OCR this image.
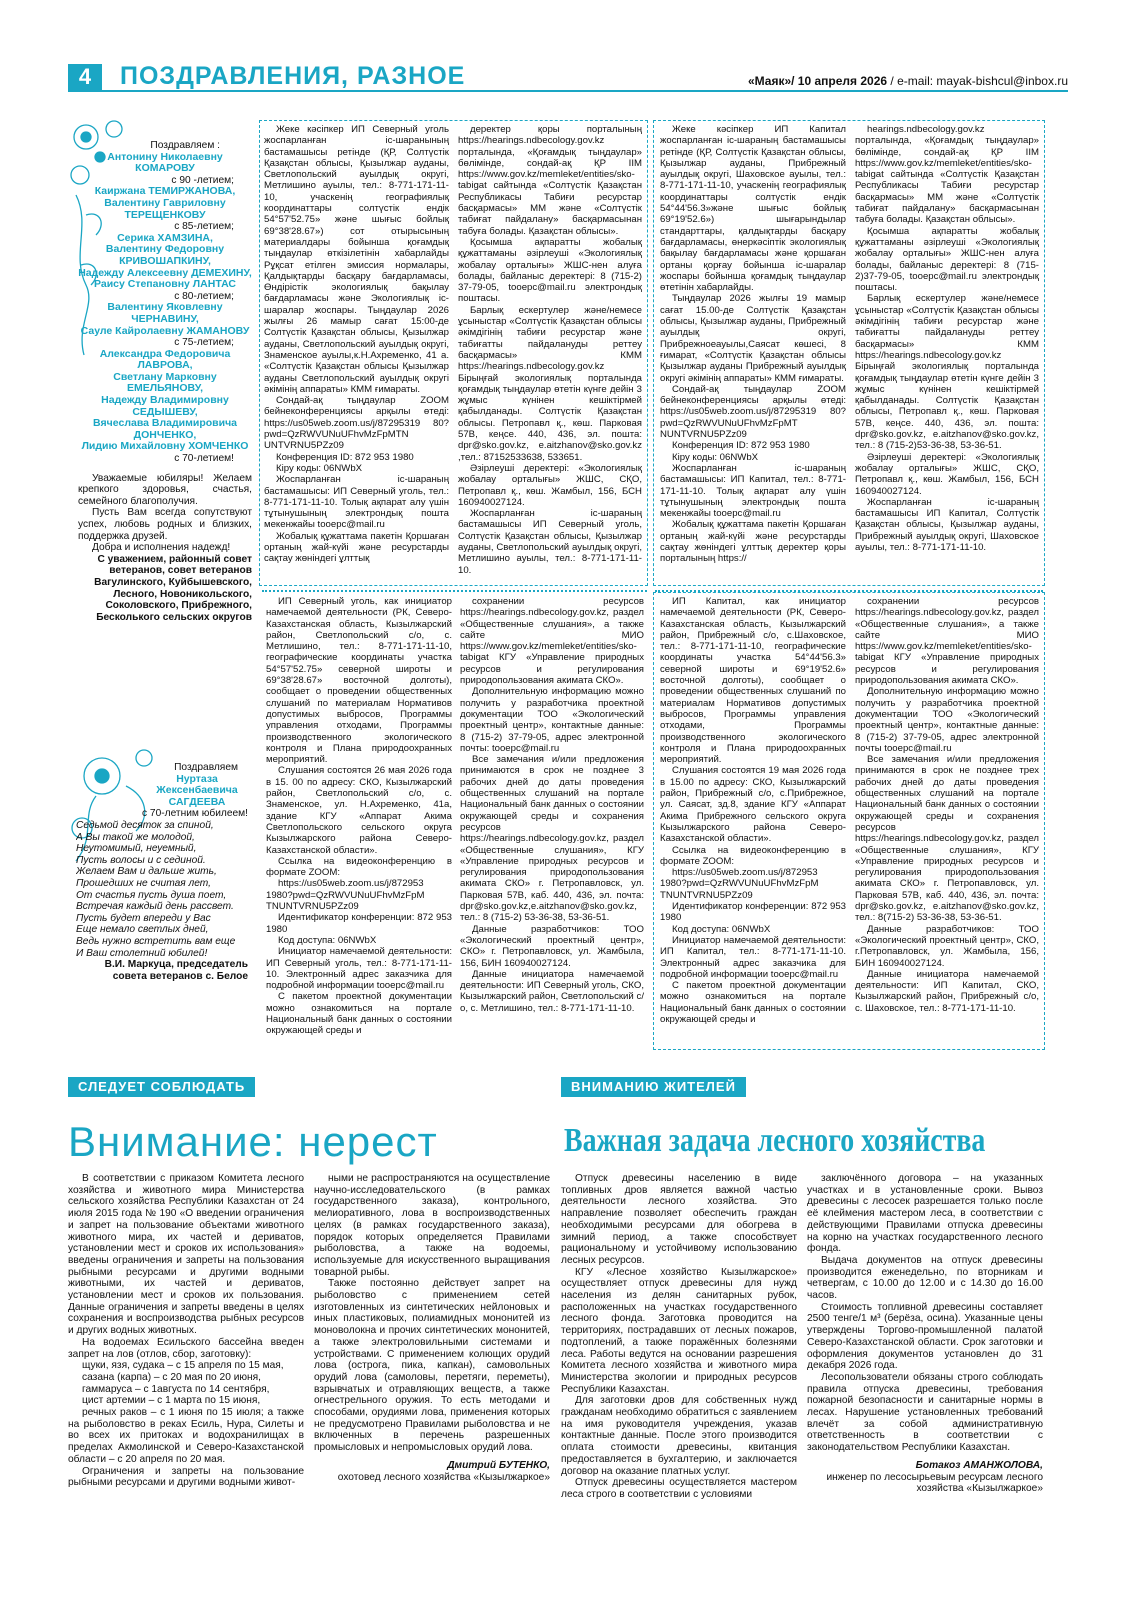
4	ПОЗДРАВЛЕНИЯ, РАЗНОЕ	«Маяк»/ 10 апреля 2026 / e-mail: mayak-bishcul@inbox.ru

Поздравляем :

Антонину Николаевну КОМАРОВУ

с 90 -летием;

Каиржана ТЕМИРЖАНОВА,

Валентину Гавриловну ТЕРЕЩЕНКОВУ

с 85-летием;

Серика ХАМЗИНА,

Валентину Федоровну КРИВОШАПКИНУ,

Надежду Алексеевну ДЕМЕХИНУ,

Раису Степановну ЛАНТАС

с 80-летием;

Валентину Яковлевну ЧЕРНАВИНУ,

Сауле Кайролаевну ЖАМАНОВУ

с 75-летием;

Александра Федоровича ЛАВРОВА,

Светлану Марковну ЕМЕЛЬЯНОВУ,

Надежду Владимировну СЕДЫШЕВУ,

Вячеслава Владимировича ДОНЧЕНКО,

Лидию Михайловну ХОМЧЕНКО

с 70-летием!

Уважаемые юбиляры! Желаем крепкого здоровья, счастья, семейного благополучия.

Пусть Вам всегда сопутствуют успех, любовь родных и близких, поддержка друзей.

Добра и исполнения надежд!

С уважением, районный совет ветеранов, совет ветеранов Вагулинского, Куйбышевского, Лесного, Новоникольского, Соколовского, Прибрежного, Бесколького сельских округов

Поздравляем

Нуртаза Жексенбаевича САГДЕЕВА

с 70-летним юбилеем!

Седьмой десяток за спиной,

А Вы такой же молодой,

Неутомимый, неуемный,

Пусть волосы и с сединой.

Желаем Вам и дальше жить,

Прошедших не считая лет,

От счастья пусть душа поет,

Встречая каждый день рассвет.

Пусть будет впереди у Вас

Еще немало светлых дней,

Ведь нужно встретить вам еще

И Ваш столетний юбилей!

В.И. Маркуца, председатель совета ветеранов с. Белое

Жеке кәсіпкер ИП Северный уголь жоспарланған іс-шаранының бастамашысы ретінде (ҚР, Солтүстік Қазақстан облысы, Қызылжар ауданы, Светлопольский ауылдық округі, Метлишино ауылы, тел.: 8-771-171-11-10, учаскенің географиялық координаттары солтүстік ендік 54°57'52.75» және шығыс бойлық 69°38'28.67») сот отырысының материалдары бойынша қоғамдық тыңдаулар өткізілетінін хабарлайды Рұқсат етілген эмиссия нормалары, Қалдықтарды басқару бағдарламасы, Өндірістік экологиялық бақылау бағдарламасы және Экологиялық іс-шаралар жоспары. Тыңдаулар 2026 жылғы 26 мамыр сағат 15:00-де Солтүстік Қазақстан облысы, Қызылжар ауданы, Светлопольский ауылдық округі, Знаменское ауылы,к.Н.Ахременко, 41 а. «Солтүстік Қазақстан облысы Қызылжар ауданы Светлопольский ауылдық округі әкімінің аппараты» КММ ғимараты.

Сондай-ақ тыңдаулар ZOOM бейнеконференциясы арқылы өтеді: https://us05web.zoom.us/j/87295319 80?pwd=QzRWVUNuUFhvMzFpMTN UNTVRNU5PZz09

Конференция ID: 872 953 1980

Кіру коды: 06NWbX

Жоспарланған іс-шараның бастамашысы: ИП Северный уголь, тел.: 8-771-171-11-10. Толық ақпарат алу үшін тұтынушының электрондық пошта мекенжайы tooepc@mail.ru

Жобалық құжаттама пакетін Қоршаған ортаның жай-күйі және ресурстарды сақтау жөніндегі ұлттық

деректер қоры порталының https://hearings.ndbecology.gov.kz порталында, «Қоғамдық тыңдаулар» бөлімінде, сондай-ақ ҚР IIM https://www.gov.kz/memleket/entities/sko-tabigat сайтында «Солтүстік Қазақстан Республикасы Табиғи ресурстар басқармасы» ММ және «Солтүстік табиғат пайдалану» басқармасынан табуға болады. Қазақстан облысы».

Қосымша ақпаратты жобалық құжаттаманы әзірлеуші «Экологиялық жобалау орталығы» ЖШС-нен алуға болады, байланыс деректері: 8 (715-2) 37-79-05, tooepc@mail.ru электрондық поштасы.

Барлық ескертулер және/немесе ұсыныстар «Солтүстік Қазақстан облысы әкімдігінің табиғи ресурстар және табиғатты пайдалануды реттеу басқармасы» КММ https://hearings.ndbecology.gov.kz Бірыңғай экологиялық порталында қоғамдық тыңдаулар өтетін күнге дейін 3 жұмыс күнінен кешіктірмей қабылданады. Солтүстік Қазақстан облысы. Петропавл қ., көш. Парковая 57В, кеңсе. 440, 436, эл. пошта: dpr@sko.gov.kz, e.aitzhanov@sko.gov.kz ,тел.: 87152533638, 533651.

Әзірлеуші деректері: «Экологиялық жобалау орталығы» ЖШС, СҚО, Петропавл қ., көш. Жамбыл, 156, БСН 160940027124.

Жоспарланған іс-шараның бастамашысы ИП Северный уголь, Солтүстік Қазақстан облысы, Қызылжар ауданы, Светлопольский ауылдық округі, Метлишино ауылы, тел.: 8-771-171-11-10.

Жеке кәсіпкер ИП Капитал жоспарланған іс-шараның бастамашысы ретінде (ҚР, Солтүстік Қазақстан облысы, Қызылжар ауданы, Прибрежный ауылдық округі, Шаховское ауылы, тел.: 8-771-171-11-10, учаскенің географиялық координаттары солтүстік ендік 54°44'56.3»және шығыс бойлық 69°19'52.6») шығарындылар стандарттары, қалдықтарды басқару бағдарламасы, өнеркәсіптік экологиялық бақылау бағдарламасы және қоршаған ортаны қорғау бойынша іс-шаралар жоспары бойынша қоғамдық тыңдаулар өтетінін хабарлайды.

Тыңдаулар 2026 жылғы 19 мамыр сағат 15.00-де Солтүстік Қазақстан облысы, Қызылжар ауданы, Прибрежный ауылдық округі, Прибрежноеауылы,Саясат көшесі, 8 ғимарат, «Солтүстік Қазақстан облысы Қызылжар ауданы Прибрежный ауылдық округі әкімінің аппараты» КММ ғимараты.

Сондай-ақ тыңдаулар ZOOM бейнеконференциясы арқылы өтеді: https://us05web.zoom.us/j/87295319 80?pwd=QzRWVUNuUFhvMzFpMT NUNTVRNU5PZz09

Конференция ID: 872 953 1980

Кіру коды: 06NWbX

Жоспарланған іс-шараның бастамашысы: ИП Капитал, тел.: 8-771-171-11-10. Толық ақпарат алу үшін тұтынушының электрондық пошта мекенжайы tooepc@mail.ru

Жобалық құжаттама пакетін Қоршаған ортаның жай-күйі және ресурстарды сақтау жөніндегі ұлттық деректер қоры порталының https://

hearings.ndbecology.gov.kz порталында, «Қоғамдық тыңдаулар» бөлімінде, сондай-ақ ҚР IIM https://www.gov.kz/memleket/entities/sko-tabigat сайтында «Солтүстік Қазақстан Республикасы Табиғи ресурстар басқармасы» ММ және «Солтүстік табиғат пайдалану» басқармасынан табуға болады. Қазақстан облысы».

Қосымша ақпаратты жобалық құжаттаманы әзірлеуші «Экологиялық жобалау орталығы» ЖШС-нен алуға болады, байланыс деректері: 8 (715-2)37-79-05, tooepc@mail.ru электрондық поштасы.

Барлық ескертулер және/немесе ұсыныстар «Солтүстік Қазақстан облысы әкімдігінің табиғи ресурстар және табиғатты пайдалануды реттеу басқармасы» КММ https://hearings.ndbecology.gov.kz Бірыңғай экологиялық порталында қоғамдық тыңдаулар өтетін күнге дейін 3 жұмыс күнінен кешіктірмей қабылданады. Солтүстік Қазақстан облысы, Петропавл қ., көш. Парковая 57В, кеңсе. 440, 436, эл. пошта: dpr@sko.gov.kz, e.aitzhanov@sko.gov.kz, тел.: 8 (715-2)53-36-38, 53-36-51.

Әзірлеуші деректері: «Экологиялық жобалау орталығы» ЖШС, СҚО, Петропавл қ., көш. Жамбыл, 156, БСН 160940027124.

Жоспарланған іс-шараның бастамашысы ИП Капитал, Солтүстік Қазақстан облысы, Қызылжар ауданы, Прибрежный ауылдық округі, Шаховское ауылы, тел.: 8-771-171-11-10.

ИП Северный уголь, как инициатор намечаемой деятельности (РК, Северо-Казахстанская область, Кызылжарский район, Светлопольский с/о, с. Метлишино, тел.: 8-771-171-11-10, географические координаты участка 54°57'52.75» северной широты и 69°38'28.67» восточной долготы), сообщает о проведении общественных слушаний по материалам Нормативов допустимых выбросов, Программы управления отходами, Программы производственного экологического контроля и Плана природоохранных мероприятий.

Слушания состоятся 26 мая 2026 года в 15. 00 по адресу: СКО, Кызылжарский район, Светлопольский с/о, с. Знаменское, ул. Н.Ахременко, 41а, здание КГУ «Аппарат Акима Светлопольского сельского округа Кызылжарского района Северо-Казахстанской области».

Ссылка на видеоконференцию в формате ZOOM:

https://us05web.zoom.us/j/872953 1980?pwd=QzRWVUNuUFhvMzFpM TNUNTVRNU5PZz09

Идентификатор конференции: 872 953 1980

Код доступа: 06NWbX

Инициатор намечаемой деятельности: ИП Северный уголь, тел.: 8-771-171-11-10. Электронный адрес заказчика для подробной информации tooepc@mail.ru

С пакетом проектной документации можно ознакомиться на портале Национальный банк данных о состоянии окружающей среды и

сохранении ресурсов https://hearings.ndbecology.gov.kz, раздел «Общественные слушания», а также сайте МИО https://www.gov.kz/memleket/entities/sko-tabigat КГУ «Управление природных ресурсов и регулирования природопользования акимата СКО».

Дополнительную информацию можно получить у разработчика проектной документации ТОО «Экологический проектный центр», контактные данные: 8 (715-2) 37-79-05, адрес электронной почты: tooepc@mail.ru

Все замечания и/или предложения принимаются в срок не позднее 3 рабочих дней до даты проведения общественных слушаний на портале Национальный банк данных о состоянии окружающей среды и сохранения ресурсов https://hearings.ndbecology.gov.kz, раздел «Общественные слушания», КГУ «Управление природных ресурсов и регулирования природопользования акимата СКО» г. Петропавловск, ул. Парковая 57В, каб. 440, 436, эл. почта: dpr@sko.gov.kz,e.aitzhanov@sko.gov.kz, тел.: 8 (715-2) 53-36-38, 53-36-51.

Данные разработчиков: ТОО «Экологический проектный центр», СКО» г. Петропавловск, ул. Жамбыла, 156, БИН 160940027124.

Данные инициатора намечаемой деятельности: ИП Северный уголь, СКО, Кызылжарский район, Светлопольский с/о, с. Метлишино, тел.: 8-771-171-11-10.

ИП Капитал, как инициатор намечаемой деятельности (РК, Северо-Казахстанская область, Кызылжарский район, Прибрежный с/о, с.Шаховское, тел.: 8-771-171-11-10, географические координаты участка 54°44'56.3» северной широты и 69°19'52.6» восточной долготы), сообщает о проведении общественных слушаний по материалам Нормативов допустимых выбросов, Программы управления отходами, Программы производственного экологического контроля и Плана природоохранных мероприятий.

Слушания состоятся 19 мая 2026 года в 15.00 по адресу: СКО, Кызылжарский район, Прибрежный с/о, с.Прибрежное, ул. Саясат, зд.8, здание КГУ «Аппарат Акима Прибрежного сельского округа Кызылжарского района Северо-Казахстанской области».

Ссылка на видеоконференцию в формате ZOOM:

https://us05web.zoom.us/j/872953 1980?pwd=QzRWVUNuUFhvMzFpM TNUNTVRNU5PZz09

Идентификатор конференции: 872 953 1980

Код доступа: 06NWbX

Инициатор намечаемой деятельности: ИП Капитал, тел.: 8-771-171-11-10. Электронный адрес заказчика для подробной информации tooepc@mail.ru

С пакетом проектной документации можно ознакомиться на портале Национальный банк данных о состоянии окружающей среды и

сохранении ресурсов https://hearings.ndbecology.gov.kz, раздел «Общественные слушания», а также сайте МИО https://www.gov.kz/memleket/entities/sko-tabigat КГУ «Управление природных ресурсов и регулирования природопользования акимата СКО».

Дополнительную информацию можно получить у разработчика проектной документации ТОО «Экологический проектный центр», контактные данные: 8 (715-2) 37-79-05, адрес электронной почты tooepc@mail.ru

Все замечания и/или предложения принимаются в срок не позднее трех рабочих дней до даты проведения общественных слушаний на портале Национальный банк данных о состоянии окружающей среды и сохранения ресурсов https://hearings.ndbecology.gov.kz, раздел «Общественные слушания», КГУ «Управление природных ресурсов и регулирования природопользования акимата СКО» г. Петропавловск, ул. Парковая 57В, каб. 440, 436, эл. почта: dpr@sko.gov.kz, e.aitzhanov@sko.gov.kz, тел.: 8(715-2) 53-36-38, 53-36-51.

Данные разработчиков: ТОО «Экологический проектный центр», СКО, г.Петропавловск, ул. Жамбыла, 156, БИН 160940027124.

Данные инициатора намечаемой деятельности: ИП Капитал, СКО, Кызылжарский район, Прибрежный с/о, с. Шаховское, тел.: 8-771-171-11-10.

СЛЕДУЕТ СОБЛЮДАТЬ
Внимание: нерест

В соответствии с приказом Комитета лесного хозяйства и животного мира Министерства сельского хозяйства Республики Казахстан от 24 июля 2015 года № 190 «О введении ограничения и запрет на пользование объектами животного животного мира, их частей и дериватов, установлении мест и сроков их использования» введены ограничения и запреты на пользования рыбными ресурсами и другими водными животными, их частей и дериватов, установлении мест и сроков их пользования. Данные ограничения и запреты введены в целях сохранения и воспроизводства рыбных ресурсов и других водных животных.

На водоемах Есильского бассейна введен запрет на лов (отлов, сбор, заготовку):

щуки, язя, судака – с 15 апреля по 15 мая,

сазана (карпа) – с 20 мая по 20 июня,

гаммаруса – с 1августа по 14 сентября,

цист артемии – с 1 марта по 15 июня,

речных раков – с 1 июня по 15 июля; а также на рыболовство в реках Есиль, Нура, Силеты и во всех их притоках и водохранилищах в пределах Акмолинской и Северо-Казахстанской области – с 20 апреля по 20 мая.

Ограничения и запреты на пользование рыбными ресурсами и другими водными живот-

ными не распространяются на осуществление научно-исследовательского (в рамках государственного заказа), контрольного, мелиоративного, лова в воспроизводственных целях (в рамках государственного заказа), порядок которых определяется Правилами рыболовства, а также на водоемы, используемые для искусственного выращивания товарной рыбы.

Также постоянно действует запрет на рыболовство с применением сетей изготовленных из синтетических нейлоновых и иных пластиковых, полиамидных мононитей из моноволокна и прочих синтетических мононитей, а также электроловильными системами и устройствами. С применением колющих орудий лова (острога, пика, капкан), самовольных орудий лова (самоловы, перетяги, переметы), взрывчатых и отравляющих веществ, а также огнестрельного оружия. То есть методами и способами, орудиями лова, применения которых не предусмотрено Правилами рыболовства и не включенных в перечень разрешенных промысловых и непромысловых орудий лова.

Дмитрий БУТЕНКО,
охотовед лесного хозяйства «Кызылжаркое»
ВНИМАНИЮ ЖИТЕЛЕЙ
Важная задача лесного хозяйства

Отпуск древесины населению в виде топливных дров является важной частью деятельности лесного хозяйства. Это направление позволяет обеспечить граждан необходимыми ресурсами для обогрева в зимний период, а также способствует рациональному и устойчивому использованию лесных ресурсов.

КГУ «Лесное хозяйство Кызылжарское» осуществляет отпуск древесины для нужд населения из делян санитарных рубок, расположенных на участках государственного лесного фонда. Заготовка проводится на территориях, пострадавших от лесных пожаров, подтоплений, а также поражённых болезнями леса. Работы ведутся на основании разрешения Комитета лесного хозяйства и животного мира Министерства экологии и природных ресурсов Республики Казахстан.

Для заготовки дров для собственных нужд гражданам необходимо обратиться с заявлением на имя руководителя учреждения, указав контактные данные. После этого производится оплата стоимости древесины, квитанция предоставляется в бухгалтерию, и заключается договор на оказание платных услуг.

Отпуск древесины осуществляется мастером леса строго в соответствии с условиями

заключённого договора – на указанных участках и в установленные сроки. Вывоз древесины с лесосек разрешается только после её клеймения мастером леса, в соответствии с действующими Правилами отпуска древесины на корню на участках государственного лесного фонда.

Выдача документов на отпуск древесины производится еженедельно, по вторникам и четвергам, с 10.00 до 12.00 и с 14.30 до 16.00 часов.

Стоимость топливной древесины составляет 2500 тенге/1 м³ (берёза, осина). Указанные цены утверждены Торгово-промышленной палатой Северо-Казахстанской области. Срок заготовки и оформления документов установлен до 31 декабря 2026 года.

Лесопользователи обязаны строго соблюдать правила отпуска древесины, требования пожарной безопасности и санитарные нормы в лесах. Нарушение установленных требований влечёт за собой административную ответственность в соответствии с законодательством Республики Казахстан.

Ботакоз АМАНЖОЛОВА,
инженер по лесосырьевым ресурсам лесного хозяйства «Кызылжаркое»
